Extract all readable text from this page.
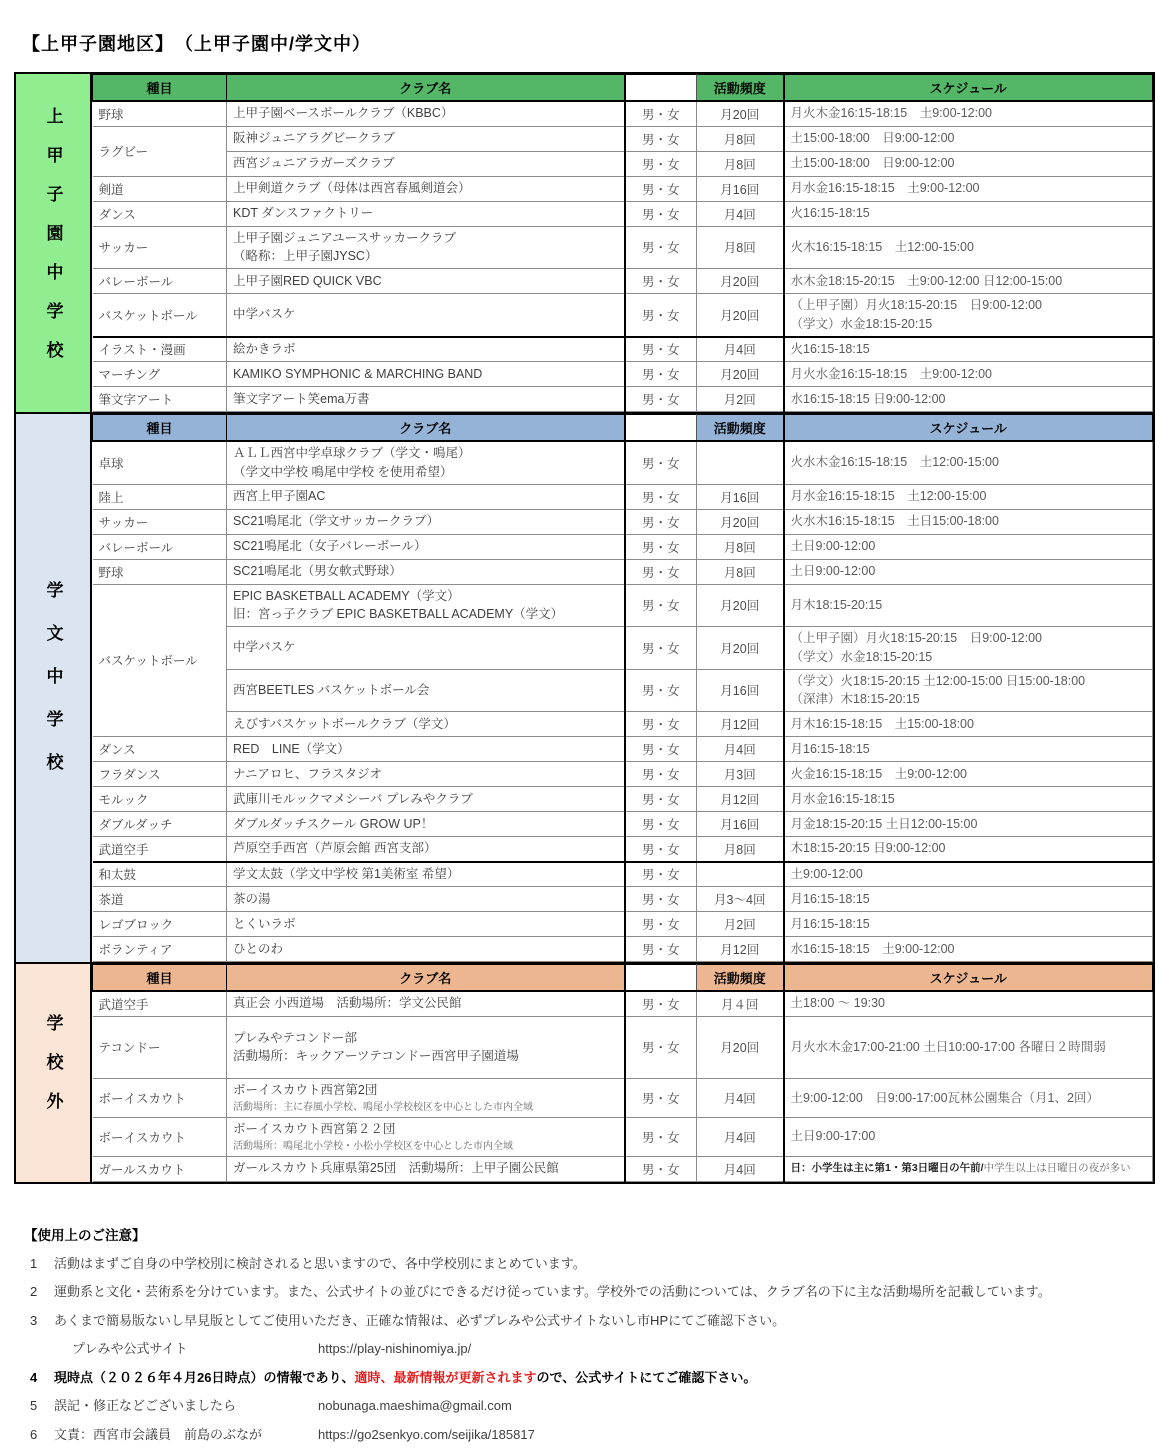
【上甲子園地区】　（上甲子園中/学文中）
上甲子園中学校
種目	クラブ名		活動頻度	スケジュール
野球	上甲子園ベースボールクラブ（KBBC）	男・女	月20回	月火木金16:15-18:15　土9:00-12:00

ラグビー	阪神ジュニアラグビークラブ	男・女	月8回	土15:00-18:00　日9:00-12:00

	西宮ジュニアラガーズクラブ	男・女	月8回	土15:00-18:00　日9:00-12:00

剣道	上甲剣道クラブ（母体は西宮春風剣道会）	男・女	月16回	月水金16:15-18:15　土9:00-12:00

ダンス	KDT ダンスファクトリー	男・女	月4回	火16:15-18:15

サッカー	上甲子園ジュニアユースサッカークラブ
（略称：上甲子園JYSC）	男・女	月8回	火木16:15-18:15　土12:00-15:00

バレーボール	上甲子園RED QUICK VBC	男・女	月20回	水木金18:15-20:15　土9:00-12:00 日12:00-15:00

バスケットボール	中学バスケ	男・女	月20回	（上甲子園）月火18:15-20:15　日9:00-12:00
（学文）水金18:15-20:15

イラスト・漫画	絵かきラボ	男・女	月4回	火16:15-18:15

マーチング	KAMIKO SYMPHONIC & MARCHING BAND	男・女	月20回	月火水金16:15-18:15　土9:00-12:00

筆文字アート	筆文字アート笑ema万書	男・女	月2回	水16:15-18:15 日9:00-12:00
学文中学校
種目	クラブ名		活動頻度	スケジュール
卓球	ＡＬＬ西宮中学卓球クラブ（学文・鳴尾）
（学文中学校 鳴尾中学校 を使用希望）	男・女		火水木金16:15-18:15　土12:00-15:00

陸上	西宮上甲子園AC	男・女	月16回	月水金16:15-18:15　土12:00-15:00

サッカー	SC21鳴尾北（学文サッカークラブ）	男・女	月20回	火水木16:15-18:15　土日15:00-18:00

バレーボール	SC21鳴尾北（女子バレーボール）	男・女	月8回	土日9:00-12:00

野球	SC21鳴尾北（男女軟式野球）	男・女	月8回	土日9:00-12:00

バスケットボール	EPIC BASKETBALL ACADEMY（学文）
旧：宮っ子クラブ EPIC BASKETBALL ACADEMY（学文）	男・女	月20回	月木18:15-20:15

	中学バスケ	男・女	月20回	（上甲子園）月火18:15-20:15　日9:00-12:00
（学文）水金18:15-20:15

	西宮BEETLES バスケットボール会	男・女	月16回	（学文）火18:15-20:15 土12:00-15:00 日15:00-18:00
（深津）木18:15-20:15

	えびすバスケットボールクラブ（学文）	男・女	月12回	月木16:15-18:15　土15:00-18:00

ダンス	RED　LINE（学文）	男・女	月4回	月16:15-18:15

フラダンス	ナニアロヒ、フラスタジオ	男・女	月3回	火金16:15-18:15　土9:00-12:00

モルック	武庫川モルックマメシーバ プレみやクラブ	男・女	月12回	月水金16:15-18:15

ダブルダッチ	ダブルダッチスクール GROW UP！	男・女	月16回	月金18:15-20:15 土日12:00-15:00

武道空手	芦原空手西宮（芦原会館 西宮支部）	男・女	月8回	木18:15-20:15 日9:00-12:00

和太鼓	学文太鼓（学文中学校 第1美術室 希望）	男・女		土9:00-12:00

茶道	茶の湯	男・女	月3〜4回	月16:15-18:15

レゴブロック	とくいラボ	男・女	月2回	月16:15-18:15

ボランティア	ひとのわ	男・女	月12回	水16:15-18:15　土9:00-12:00
学校外
種目	クラブ名		活動頻度	スケジュール
武道空手	真正会 小西道場　活動場所：学文公民館	男・女	月４回	土18:00 〜 19:30

テコンドー	プレみやテコンドー部
活動場所：キックアーツテコンドー西宮甲子園道場	男・女	月20回	月火水木金17:00-21:00 土日10:00-17:00 各曜日２時間弱

ボーイスカウト	ボーイスカウト西宮第2団
活動場所：主に春風小学校、鳴尾小学校校区を中心とした市内全域	男・女	月4回	土9:00-12:00　日9:00-17:00瓦林公園集合（月1、2回）

ボーイスカウト	ボーイスカウト西宮第２２団
活動場所：鳴尾北小学校・小松小学校区を中心とした市内全域	男・女	月4回	土日9:00-17:00

ガールスカウト	ガールスカウト兵庫県第25団　活動場所：上甲子園公民館	男・女	月4回	日：小学生は主に第1・第3日曜日の午前/中学生以上は日曜日の夜が多い
【使用上のご注意】
1 活動はまずご自身の中学校別に検討されると思いますので、各中学校別にまとめています。
2 運動系と文化・芸術系を分けています。また、公式サイトの並びにできるだけ従っています。学校外での活動については、クラブ名の下に主な活動場所を記載しています。
3 あくまで簡易版ないし早見版としてご使用いただき、正確な情報は、必ずプレみや公式サイトないし市HPにてご確認下さい。
プレみや公式サイト	https://play-nishinomiya.jp/
4 現時点（２０２６年４月26日時点）の情報であり、適時、最新情報が更新されますので、公式サイトにてご確認下さい。
5 誤記・修正などございましたら	nobunaga.maeshima@gmail.com
6 文責：西宮市会議員　前島のぶなが	https://go2senkyo.com/seijika/185817
